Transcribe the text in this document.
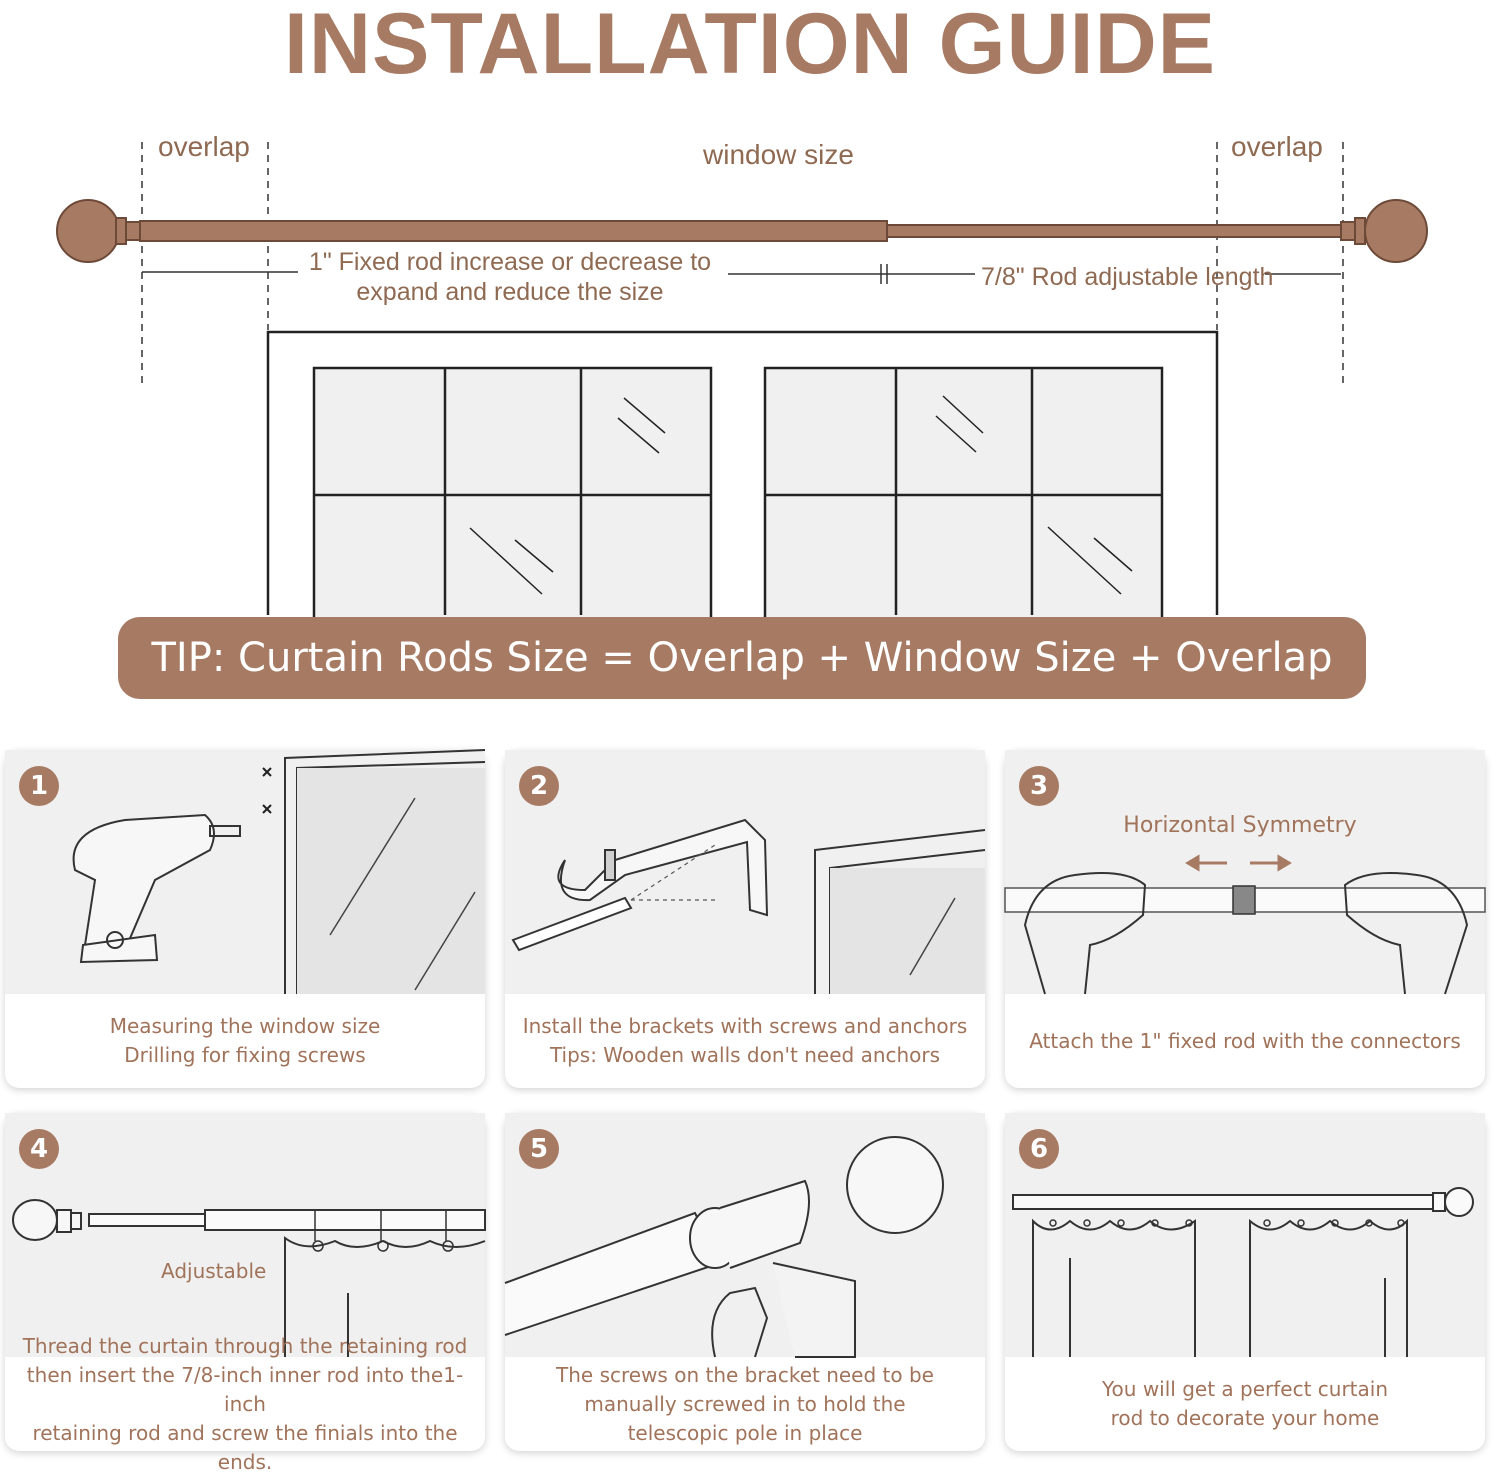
INSTALLATION GUIDE
overlap	window size	overlap
1" Fixed rod increase or decrease to
expand and reduce the size
7/8" Rod adjustable length
TIP: Curtain Rods Size = Overlap + Window Size + Overlap
1
Measuring the window size
Drilling for fixing screws
2
Install the brackets with screws and anchors
Tips: Wooden walls don't need anchors
3
Horizontal Symmetry
Attach the 1" fixed rod with the connectors
4
Adjustable
Thread the curtain through the retaining rod
then insert the 7/8-inch inner rod into the1-inch
retaining rod and screw the finials into the ends.
5
The screws on the bracket need to be
manually screwed in to hold the
telescopic pole in place
6
You will get a perfect curtain
rod to decorate your home
